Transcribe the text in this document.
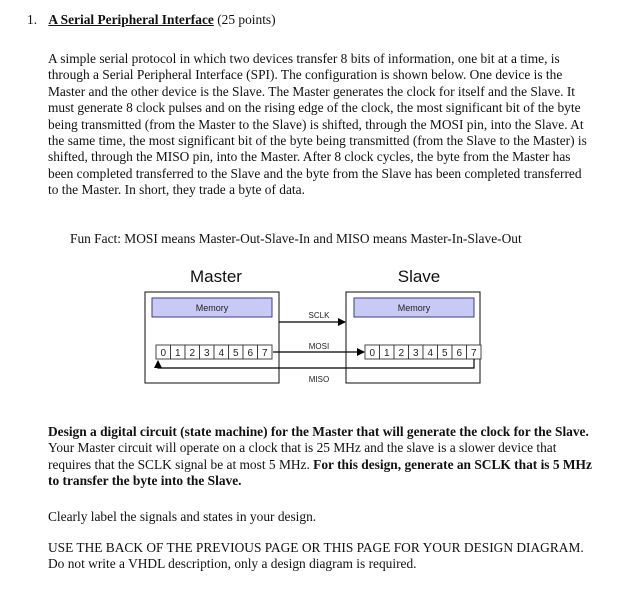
1. A Serial Peripheral Interface (25 points)
A simple serial protocol in which two devices transfer 8 bits of information, one bit at a time, is through a Serial Peripheral Interface (SPI). The configuration is shown below. One device is the Master and the other device is the Slave. The Master generates the clock for itself and the Slave. It must generate 8 clock pulses and on the rising edge of the clock, the most significant bit of the byte being transmitted (from the Master to the Slave) is shifted, through the MOSI pin, into the Slave. At the same time, the most significant bit of the byte being transmitted (from the Slave to the Master) is shifted, through the MISO pin, into the Master. After 8 clock cycles, the byte from the Master has been completed transferred to the Slave and the byte from the Slave has been completed transferred to the Master. In short, they trade a byte of data.
Fun Fact: MOSI means Master-Out-Slave-In and MISO means Master-In-Slave-Out
Master	Slave
Memory
0 1 2 3 4 5 6 7
Memory
0 1 2 3 4 5 6 7
SCLK
MOSI
MISO
Design a digital circuit (state machine) for the Master that will generate the clock for the Slave. Your Master circuit will operate on a clock that is 25 MHz and the slave is a slower device that requires that the SCLK signal be at most 5 MHz. For this design, generate an SCLK that is 5 MHz to transfer the byte into the Slave.
Clearly label the signals and states in your design.
USE THE BACK OF THE PREVIOUS PAGE OR THIS PAGE FOR YOUR DESIGN DIAGRAM. Do not write a VHDL description, only a design diagram is required.
